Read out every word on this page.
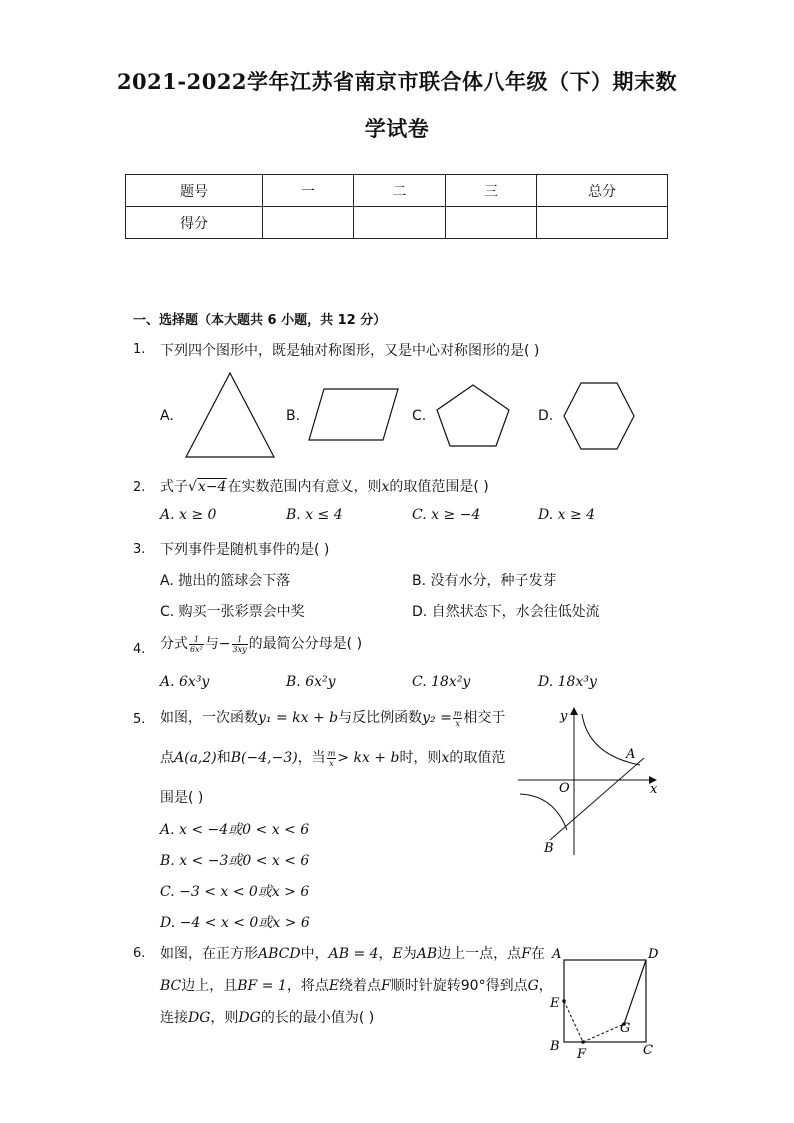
2021-2022学年江苏省南京市联合体八年级（下）期末数
学试卷
题号	一	二	三	总分
得分				
一、选择题（本大题共 6 小题，共 12 分）
1. 下列四个图形中，既是轴对称图形，又是中心对称图形的是( )
A.	B.	C.	D.
2. 式子√x−4在实数范围内有意义，则x的取值范围是( )
A. x ≥ 0	B. x ≤ 4	C. x ≥ −4	D. x ≥ 4
3. 下列事件是随机事件的是( )
A. 抛出的篮球会下落	B. 没有水分，种子发芽
C. 购买一张彩票会中奖	D. 自然状态下，水会往低处流
4. 分式 $\frac{1}{\text{6x²}}$ 与− $\frac{1}{3xy}$ 的最简公分母是( )
A. 6x³y	B. 6x²y	C. 18x²y	D. 18x³y
5. 如图，一次函数y₁ = kx + b与反比例函数$y_2 = \frac{m}{x}$ 相交于
点A(a,2)和B(−4,−3)，当 $\frac{m}{x}$ > kx + b时，则x的取值范
围是( )
A. x < −4或0 < x < 6
B. x < −3或0 < x < 6
C. −3 < x < 0或x > 6
D. −4 < x < 0或x > 6
y
x
O
A
B
6. 如图，在正方形ABCD中，AB = 4，E为AB边上一点，点F在
BC边上，且BF = 1，将点E绕着点F顺时针旋转90°得到点G，
连接DG，则DG的长的最小值为( )
A	D
E
B	C
F
G
